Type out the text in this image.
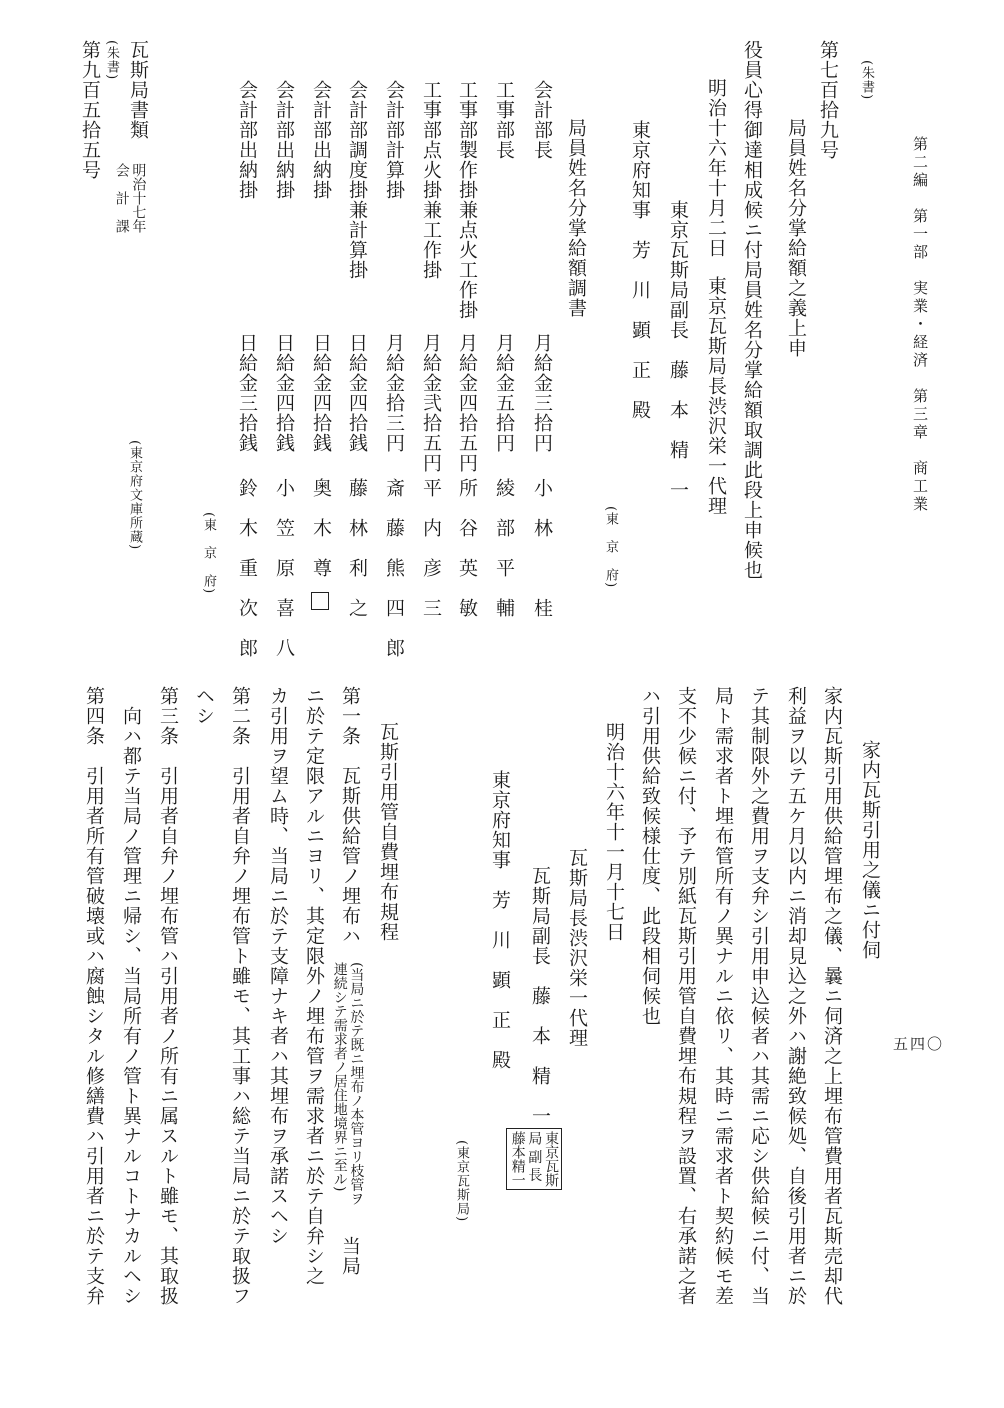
第二編　第一部　実業・経済　第三章　商工業
五四〇
(朱書)
第七百拾九号
局員姓名分掌給額之義上申
役員心得御達相成候ニ付局員姓名分掌給額取調此段上申候也
明治十六年十月二日
東京瓦斯局長渋沢栄一代理
東京瓦斯局副長　藤　本　精　一
東京府知事　芳　川　顕　正　殿
(東　京　府)
局員姓名分掌給額調書
会計部長
月給金三拾円
小　林　　　桂
工事部長
月給金五拾円
綾　部　平　輔
工事部製作掛兼点火工作掛
月給金四拾五円
所　谷　英　敏
工事部点火掛兼工作掛
月給金弐拾五円
平　内　彦　三
会計部計算掛
月給金拾三円
斎　藤　熊　四　郎
会計部調度掛兼計算掛
日給金四拾銭
藤　林　利　之
会計部出納掛
日給金四拾銭
奥　木　尊
会計部出納掛
日給金四拾銭
小　笠　原　喜　八
会計部出納掛
日給金三拾銭
鈴　木　重　次　郎
(東　京　府)
瓦斯局書類
明治十七年
会　計　課
(朱書)
第九百五拾五号
(東京府文庫所蔵)
家内瓦斯引用之儀ニ付伺
家内瓦斯引用供給管埋布之儀、曩ニ伺済之上埋布管費用者瓦斯売却代
利益ヲ以テ五ケ月以内ニ消却見込之外ハ謝絶致候処、自後引用者ニ於
テ其制限外之費用ヲ支弁シ引用申込候者ハ其需ニ応シ供給候ニ付、当
局ト需求者ト埋布管所有ノ異ナルニ依リ、其時ニ需求者ト契約候モ差
支不少候ニ付、予テ別紙瓦斯引用管自費埋布規程ヲ設置、右承諾之者
ハ引用供給致候様仕度、此段相伺候也
明治十六年十一月十七日
瓦斯局長渋沢栄一代理
瓦斯局副長　藤　本　精　一
東京瓦斯
局 副 長
藤本精一
東京府知事　芳　川　顕　正　殿
(東京瓦斯局)
瓦斯引用管自費埋布規程
第一条　瓦斯供給管ノ埋布ハ
(当局ニ於テ既ニ埋布ノ本管ヨリ枝管ヲ
連続シテ需求者ノ居住地境界ニ至ル)
当局
ニ於テ定限アルニヨリ、其定限外ノ埋布管ヲ需求者ニ於テ自弁シ之
カ引用ヲ望ム時、当局ニ於テ支障ナキ者ハ其埋布ヲ承諾スヘシ
第二条　引用者自弁ノ埋布管ト雖モ、其工事ハ総テ当局ニ於テ取扱フ
ヘシ
第三条　引用者自弁ノ埋布管ハ引用者ノ所有ニ属スルト雖モ、其取扱
向ハ都テ当局ノ管理ニ帰シ、当局所有ノ管ト異ナルコトナカルヘシ
第四条　引用者所有管破壊或ハ腐蝕シタル修繕費ハ引用者ニ於テ支弁
